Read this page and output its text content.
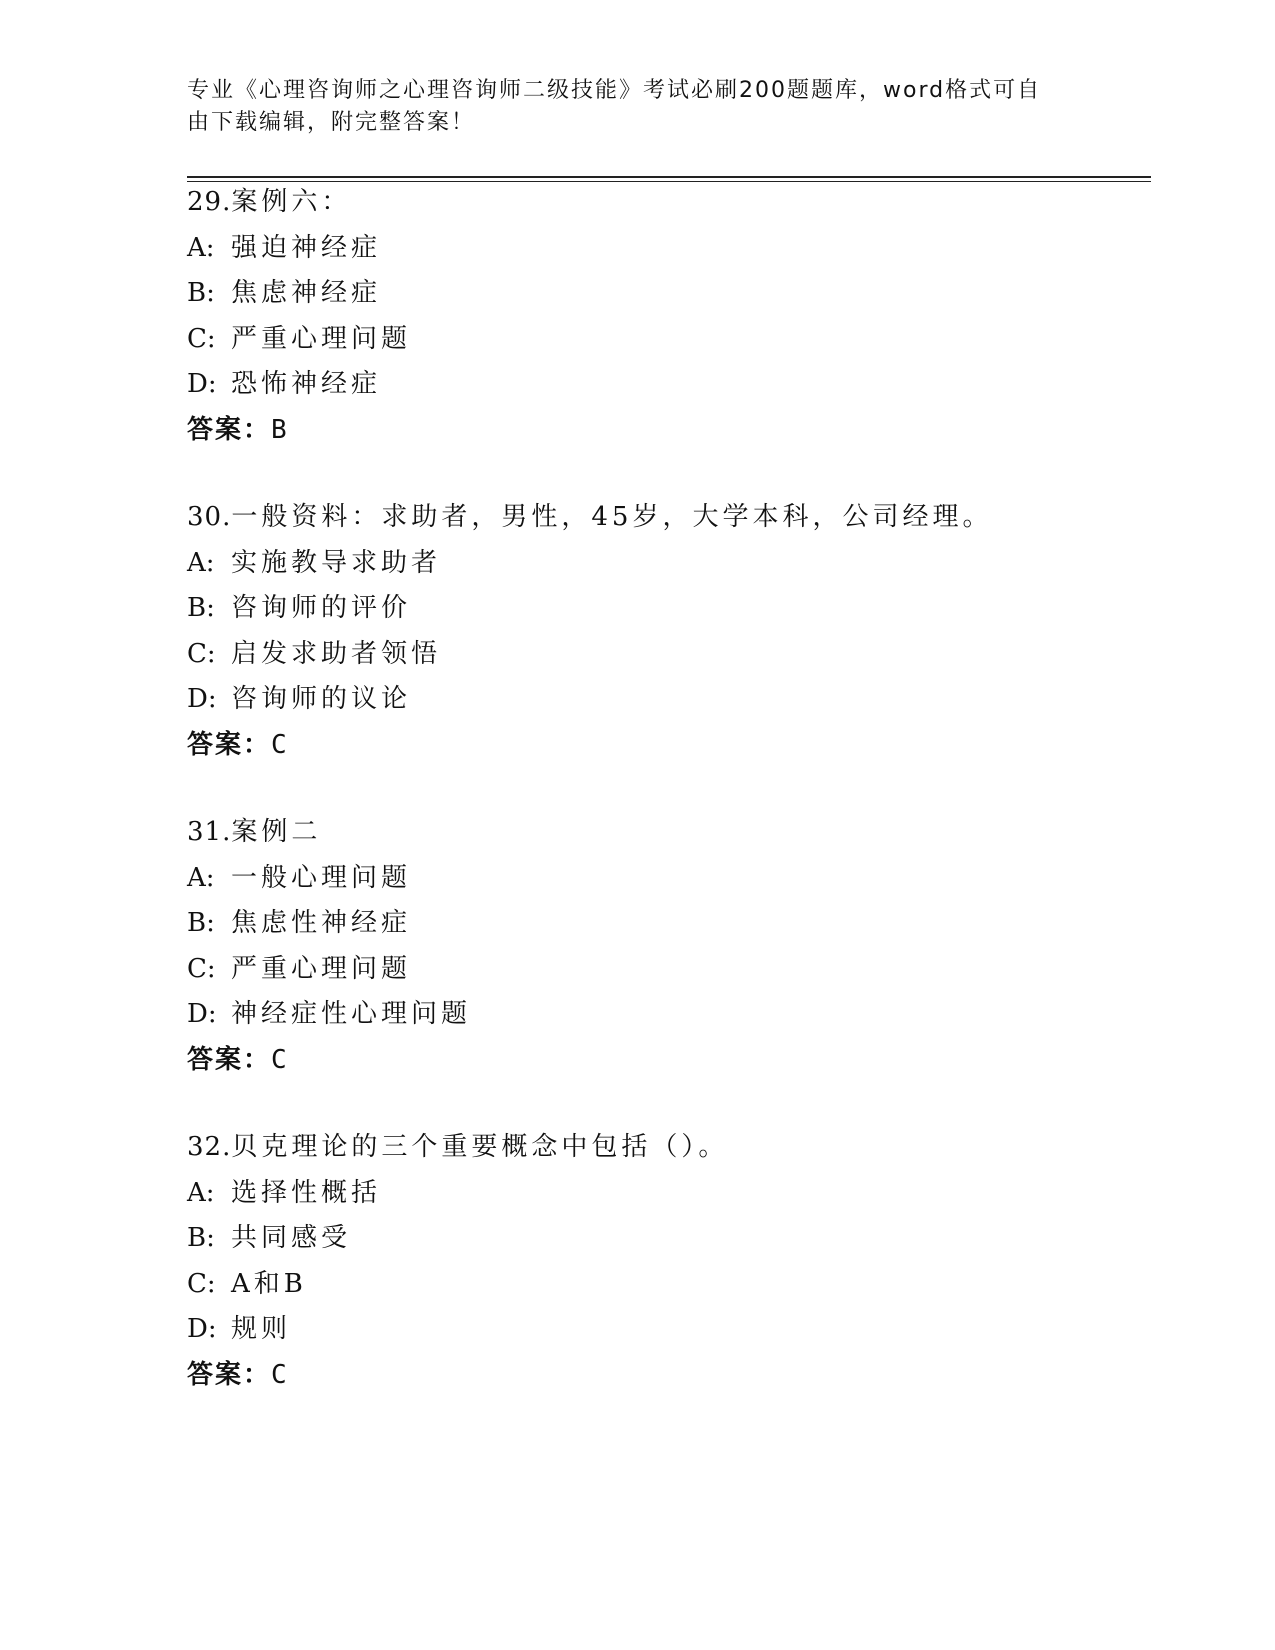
专业《心理咨询师之心理咨询师二级技能》考试必刷200题题库，word格式可自
由下载编辑，附完整答案！
29.案例六：
A: 强迫神经症
B: 焦虑神经症
C: 严重心理问题
D: 恐怖神经症
答案：B
30.一般资料：求助者，男性，45岁，大学本科，公司经理。
A: 实施教导求助者
B: 咨询师的评价
C: 启发求助者领悟
D: 咨询师的议论
答案：C
31.案例二
A: 一般心理问题
B: 焦虑性神经症
C: 严重心理问题
D: 神经症性心理问题
答案：C
32.贝克理论的三个重要概念中包括（）。
A: 选择性概括
B: 共同感受
C: A和B
D: 规则
答案：C
